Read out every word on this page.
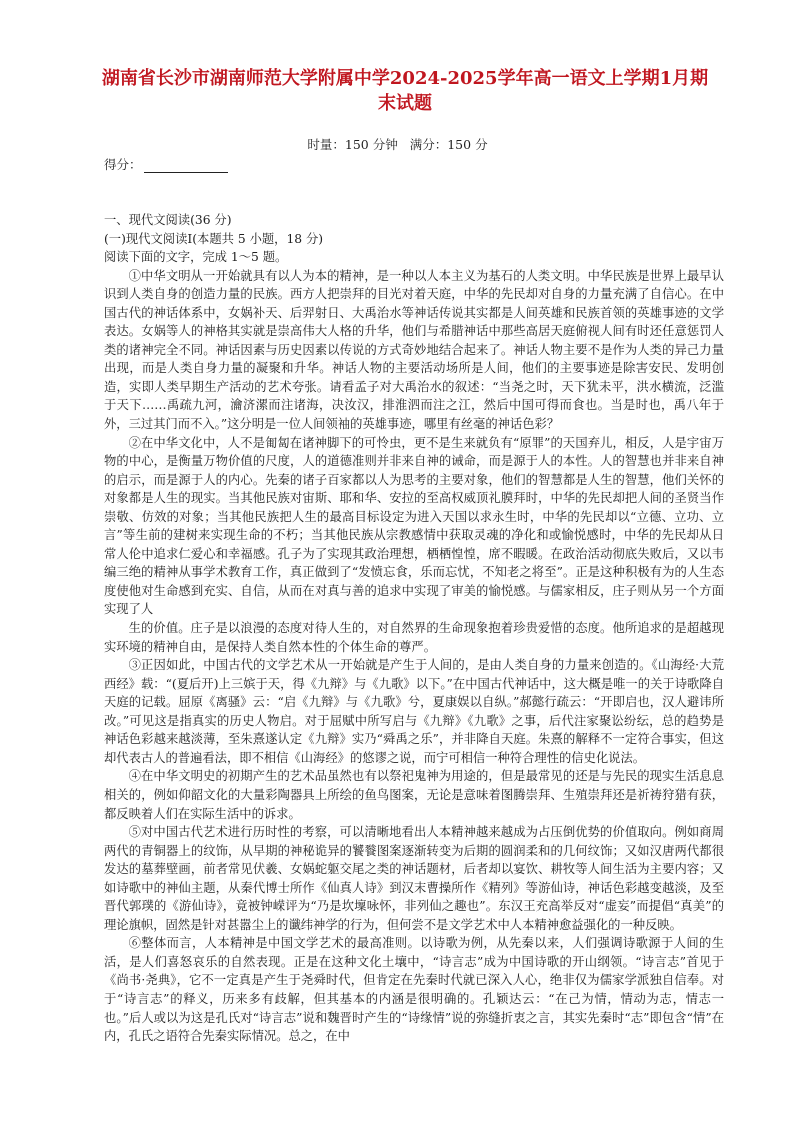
湖南省长沙市湖南师范大学附属中学2024-2025学年高一语文上学期1月期末试题
时量：150 分钟 满分：150 分
得分：

一、现代文阅读(36 分)

(一)现代文阅读Ⅰ(本题共 5 小题，18 分)

阅读下面的文字，完成 1～5 题。

①中华文明从一开始就具有以人为本的精神，是一种以人本主义为基石的人类文明。中华民族是世界上最早认识到人类自身的创造力量的民族。西方人把崇拜的目光对着天庭，中华的先民却对自身的力量充满了自信心。在中国古代的神话体系中，女娲补天、后羿射日、大禹治水等神话传说其实都是人间英雄和民族首领的英雄事迹的文学表达。女娲等人的神格其实就是崇高伟大人格的升华，他们与希腊神话中那些高居天庭俯视人间有时还任意惩罚人类的诸神完全不同。神话因素与历史因素以传说的方式奇妙地结合起来了。神话人物主要不是作为人类的异己力量出现，而是人类自身力量的凝聚和升华。神话人物的主要活动场所是人间，他们的主要事迹是除害安民、发明创造，实即人类早期生产活动的艺术夸张。请看孟子对大禹治水的叙述：“当尧之时，天下犹未平，洪水横流，泛滥于天下……禹疏九河，瀹济漯而注诸海，决汝汉，排淮泗而注之江，然后中国可得而食也。当是时也，禹八年于外，三过其门而不入。”这分明是一位人间领袖的英雄事迹，哪里有丝毫的神话色彩？

②在中华文化中，人不是匍匐在诸神脚下的可怜虫，更不是生来就负有“原罪”的天国弃儿，相反，人是宇宙万物的中心，是衡量万物价值的尺度，人的道德准则并非来自神的诫命，而是源于人的本性。人的智慧也并非来自神的启示，而是源于人的内心。先秦的诸子百家都以人为思考的主要对象，他们的智慧都是人生的智慧，他们关怀的对象都是人生的现实。当其他民族对宙斯、耶和华、安拉的至高权威顶礼膜拜时，中华的先民却把人间的圣贤当作崇敬、仿效的对象；当其他民族把人生的最高目标设定为进入天国以求永生时，中华的先民却以“立德、立功、立言”等生前的建树来实现生命的不朽；当其他民族从宗教感情中获取灵魂的净化和或愉悦感时，中华的先民却从日常人伦中追求仁爱心和幸福感。孔子为了实现其政治理想，栖栖惶惶，席不暇暖。在政治活动彻底失败后，又以韦编三绝的精神从事学术教育工作，真正做到了“发愤忘食，乐而忘忧，不知老之将至”。正是这种积极有为的人生态度使他对生命感到充实、自信，从而在对真与善的追求中实现了审美的愉悦感。与儒家相反，庄子则从另一个方面实现了人

生的价值。庄子是以浪漫的态度对待人生的，对自然界的生命现象抱着珍贵爱惜的态度。他所追求的是超越现实环境的精神自由，是保持人类自然本性的个体生命的尊严。

③正因如此，中国古代的文学艺术从一开始就是产生于人间的，是由人类自身的力量来创造的。《山海经·大荒西经》载：“(夏后开)上三嫔于天，得《九辩》与《九歌》以下。”在中国古代神话中，这大概是唯一的关于诗歌降自天庭的记载。屈原《离骚》云：“启《九辩》与《九歌》兮，夏康娱以自纵。”郝懿行疏云：“开即启也，汉人避讳所改。”可见这是指真实的历史人物启。对于屈赋中所写启与《九辩》《九歌》之事，后代注家聚讼纷纭，总的趋势是神话色彩越来越淡薄，至朱熹遂认定《九辩》实乃“舜禹之乐”，并非降自天庭。朱熹的解释不一定符合事实，但这却代表古人的普遍看法，即不相信《山海经》的悠谬之说，而宁可相信一种符合理性的信史化说法。

④在中华文明史的初期产生的艺术品虽然也有以祭祀鬼神为用途的，但是最常见的还是与先民的现实生活息息相关的，例如仰韶文化的大量彩陶器具上所绘的鱼鸟图案，无论是意味着图腾崇拜、生殖崇拜还是祈祷狩猎有获，都反映着人们在实际生活中的诉求。

⑤对中国古代艺术进行历时性的考察，可以清晰地看出人本精神越来越成为占压倒优势的价值取向。例如商周两代的青铜器上的纹饰，从早期的神秘诡异的饕餮图案逐渐转变为后期的圆润柔和的几何纹饰；又如汉唐两代都很发达的墓葬壁画，前者常见伏羲、女娲蛇躯交尾之类的神话题材，后者却以宴饮、耕牧等人间生活为主要内容；又如诗歌中的神仙主题，从秦代博士所作《仙真人诗》到汉末曹操所作《精列》等游仙诗，神话色彩越变越淡，及至晋代郭璞的《游仙诗》，竟被钟嵘评为“乃是坎壈咏怀，非列仙之趣也”。东汉王充高举反对“虚妄”而提倡“真美”的理论旗帜，固然是针对甚嚣尘上的谶纬神学的行为，但何尝不是文学艺术中人本精神愈益强化的一种反映。

⑥整体而言，人本精神是中国文学艺术的最高准则。以诗歌为例，从先秦以来，人们强调诗歌源于人间的生活，是人们喜怒哀乐的自然表现。正是在这种文化土壤中，“诗言志”成为中国诗歌的开山纲领。“诗言志”首见于《尚书·尧典》，它不一定真是产生于尧舜时代，但肯定在先秦时代就已深入人心，绝非仅为儒家学派独自信奉。对于“诗言志”的释义，历来多有歧解，但其基本的内涵是很明确的。孔颖达云：“在己为情，情动为志，情志一也。”后人或以为这是孔氏对“诗言志”说和魏晋时产生的“诗缘情”说的弥缝折衷之言，其实先秦时“志”即包含“情”在内，孔氏之语符合先秦实际情况。总之，在中
